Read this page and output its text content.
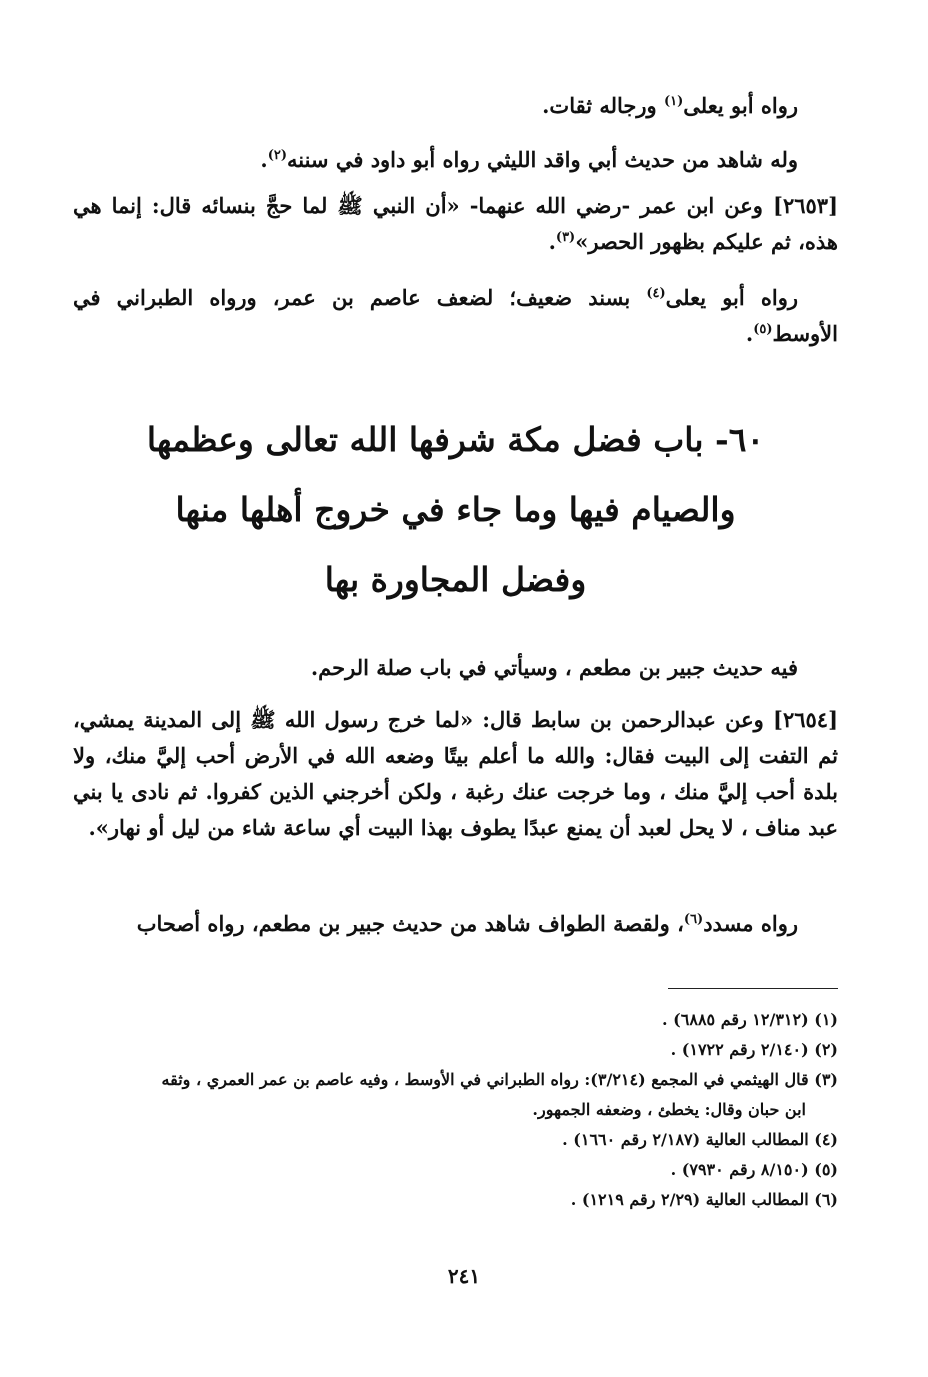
رواه أبو يعلى$^{(١)}$ ورجاله ثقات.

وله شاهد من حديث أبي واقد الليثي رواه أبو داود في سننه$^{(٢)}$.

[٢٦٥٣] وعن ابن عمر -رضي الله عنهما- «أن النبي ﷺ لما حجَّ بنسائه قال: إنما هي هذه، ثم عليكم بظهور الحصر»$^{(٣)}$.

رواه أبو يعلى$^{(٤)}$ بسند ضعيف؛ لضعف عاصم بن عمر، ورواه الطبراني في الأوسط$^{(٥)}$.

٦٠- باب فضل مكة شرفها الله تعالى وعظمها
والصيام فيها وما جاء في خروج أهلها منها
وفضل المجاورة بها

فيه حديث جبير بن مطعم ، وسيأتي في باب صلة الرحم.

[٢٦٥٤] وعن عبدالرحمن بن سابط قال: «لما خرج رسول الله ﷺ إلى المدينة يمشي، ثم التفت إلى البيت فقال: والله ما أعلم بيتًا وضعه الله في الأرض أحب إليَّ منك، ولا بلدة أحب إليَّ منك ، وما خرجت عنك رغبة ، ولكن أخرجني الذين كفروا. ثم نادى يا بني عبد مناف ، لا يحل لعبد أن يمنع عبدًا يطوف بهذا البيت أي ساعة شاء من ليل أو نهار».

رواه مسدد$^{(٦)}$، ولقصة الطواف شاهد من حديث جبير بن مطعم، رواه أصحاب

(١) (١٢/٣١٢ رقم ٦٨٨٥) .

(٢) (٢/١٤٠ رقم ١٧٢٢) .

(٣) قال الهيثمي في المجمع (٣/٢١٤): رواه الطبراني في الأوسط ، وفيه عاصم بن عمر العمري ، وثقه

ابن حبان وقال: يخطئ ، وضعفه الجمهور.

(٤) المطالب العالية (٢/١٨٧ رقم ١٦٦٠) .

(٥) (٨/١٥٠ رقم ٧٩٣٠) .

(٦) المطالب العالية (٢/٢٩ رقم ١٢١٩) .

٢٤١
